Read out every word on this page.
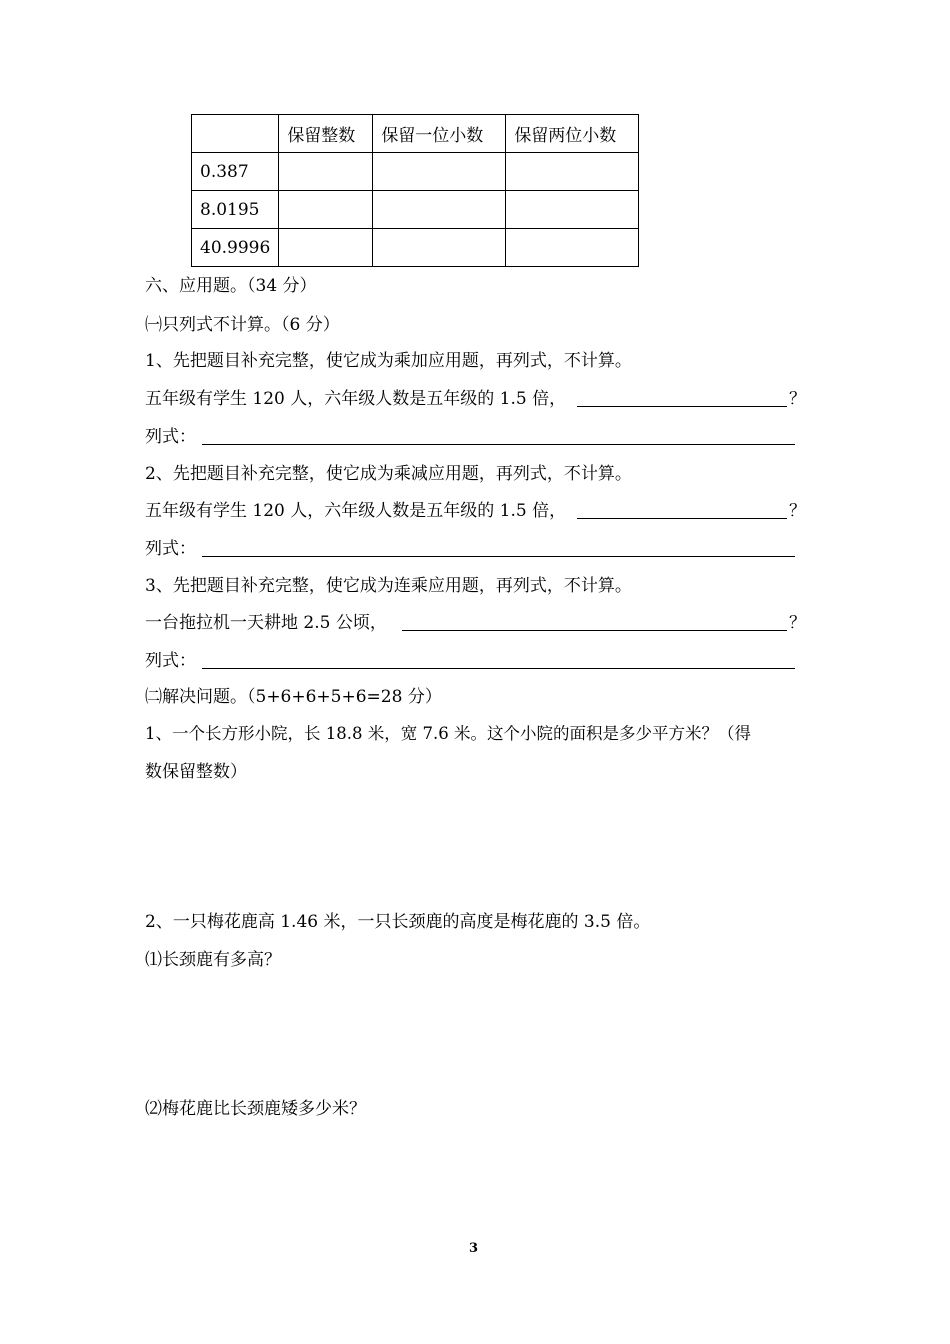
	保留整数	保留一位小数	保留两位小数
0.387			
8.0195			
40.9996			
六、应用题。（34 分）
㈠只列式不计算。（6 分）
1、先把题目补充完整，使它成为乘加应用题，再列式，不计算。
五年级有学生 120 人，六年级人数是五年级的 1.5 倍，	？
列式：
2、先把题目补充完整，使它成为乘减应用题，再列式，不计算。
五年级有学生 120 人，六年级人数是五年级的 1.5 倍，	？
列式：
3、先把题目补充完整，使它成为连乘应用题，再列式，不计算。
一台拖拉机一天耕地 2.5 公顷，	？
列式：
㈡解决问题。（5+6+6+5+6=28 分）
1、一个长方形小院，长 18.8 米，宽 7.6 米。这个小院的面积是多少平方米？（得
数保留整数）
2、一只梅花鹿高 1.46 米，一只长颈鹿的高度是梅花鹿的 3.5 倍。
⑴长颈鹿有多高？
⑵梅花鹿比长颈鹿矮多少米？
3
